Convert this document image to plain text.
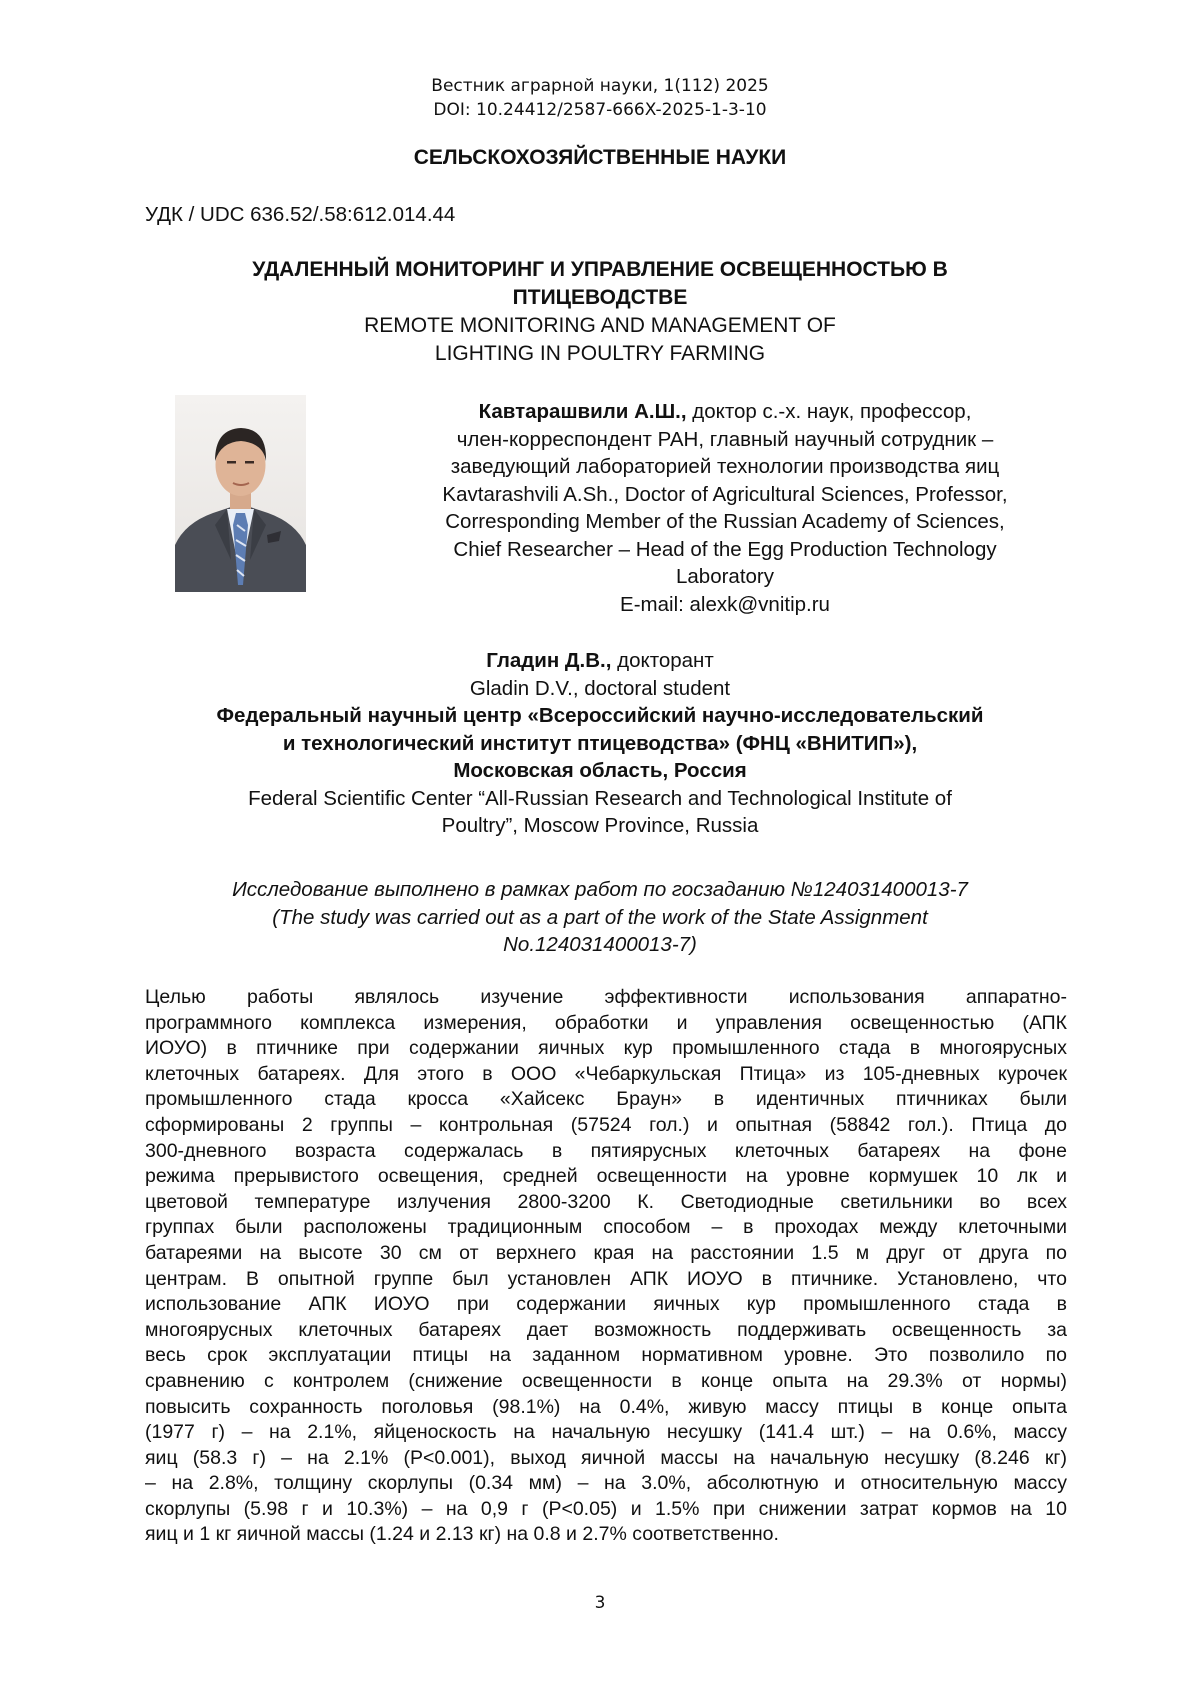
Вестник аграрной науки, 1(112) 2025
DOI: 10.24412/2587-666X-2025-1-3-10
СЕЛЬСКОХОЗЯЙСТВЕННЫЕ НАУКИ
УДК / UDC 636.52/.58:612.014.44
УДАЛЕННЫЙ МОНИТОРИНГ И УПРАВЛЕНИЕ ОСВЕЩЕННОСТЬЮ В
ПТИЦЕВОДСТВЕ
REMOTE MONITORING AND MANAGEMENT OF
LIGHTING IN POULTRY FARMING
Кавтарашвили А.Ш., доктор с.-х. наук, профессор,
член-корреспондент РАН, главный научный сотрудник –
заведующий лабораторией технологии производства яиц
Kavtarashvili A.Sh., Doctor of Agricultural Sciences, Professor,
Corresponding Member of the Russian Academy of Sciences,
Chief Researcher – Head of the Egg Production Technology
Laboratory
E-mail: alexk@vnitip.ru
Гладин Д.В., докторант
Gladin D.V., doctoral student
Федеральный научный центр «Всероссийский научно-исследовательский
и технологический институт птицеводства» (ФНЦ «ВНИТИП»),
Московская область, Россия
Federal Scientific Center “All-Russian Research and Technological Institute of
Poultry”, Moscow Province, Russia
Исследование выполнено в рамках работ по госзаданию №124031400013-7
(The study was carried out as a part of the work of the State Assignment
No.124031400013-7)
Целью работы являлось изучение эффективности использования аппаратно-
программного комплекса измерения, обработки и управления освещенностью (АПК
ИОУО) в птичнике при содержании яичных кур промышленного стада в многоярусных
клеточных батареях. Для этого в ООО «Чебаркульская Птица» из 105-дневных курочек
промышленного стада кросса «Хайсекс Браун» в идентичных птичниках были
сформированы 2 группы – контрольная (57524 гол.) и опытная (58842 гол.). Птица до
300-дневного возраста содержалась в пятиярусных клеточных батареях на фоне
режима прерывистого освещения, средней освещенности на уровне кормушек 10 лк и
цветовой температуре излучения 2800-3200 К. Светодиодные светильники во всех
группах были расположены традиционным способом – в проходах между клеточными
батареями на высоте 30 см от верхнего края на расстоянии 1.5 м друг от друга по
центрам. В опытной группе был установлен АПК ИОУО в птичнике. Установлено, что
использование АПК ИОУО при содержании яичных кур промышленного стада в
многоярусных клеточных батареях дает возможность поддерживать освещенность за
весь срок эксплуатации птицы на заданном нормативном уровне. Это позволило по
сравнению с контролем (снижение освещенности в конце опыта на 29.3% от нормы)
повысить сохранность поголовья (98.1%) на 0.4%, живую массу птицы в конце опыта
(1977 г) – на 2.1%, яйценоскость на начальную несушку (141.4 шт.) – на 0.6%, массу
яиц (58.3 г) – на 2.1% (P<0.001), выход яичной массы на начальную несушку (8.246 кг)
– на 2.8%, толщину скорлупы (0.34 мм) – на 3.0%, абсолютную и относительную массу
скорлупы (5.98 г и 10.3%) – на 0,9 г (P<0.05) и 1.5% при снижении затрат кормов на 10
яиц и 1 кг яичной массы (1.24 и 2.13 кг) на 0.8 и 2.7% соответственно.
3
